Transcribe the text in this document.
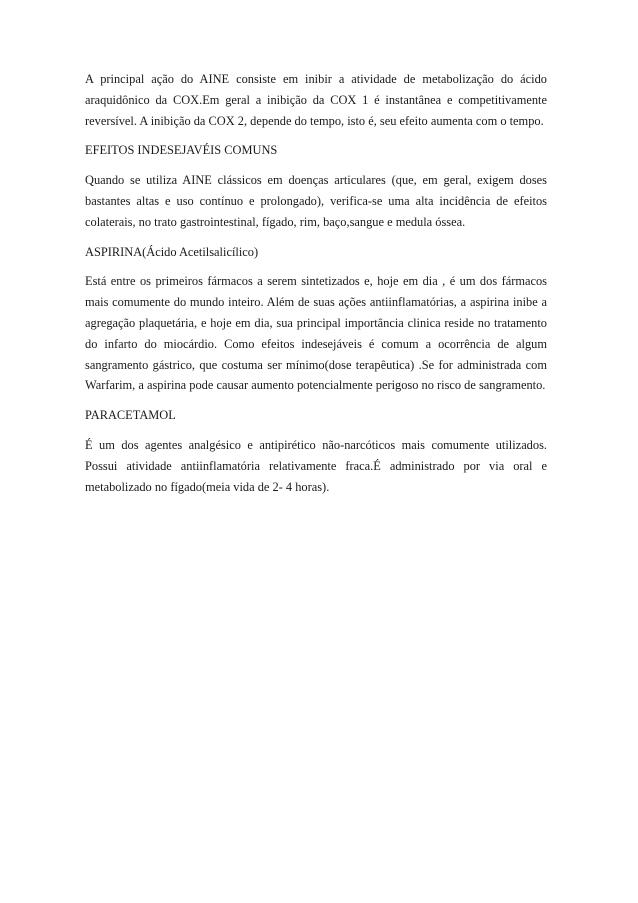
A principal ação do AINE consiste em inibir a atividade de metabolização do ácido araquidônico da COX.Em geral a inibição da COX 1 é instantânea e competitivamente reversível. A inibição da COX 2, depende do tempo, isto é, seu efeito aumenta com o tempo.

EFEITOS INDESEJAVÉIS COMUNS

Quando se utiliza AINE clássicos em doenças articulares (que, em geral, exigem doses bastantes altas e uso contínuo e prolongado), verifica-se uma alta incidência de efeitos colaterais, no trato gastrointestinal, fígado, rim, baço,sangue e medula óssea.

ASPIRINA(Ácido Acetilsalicílico)

Está entre os primeiros fármacos a serem sintetizados e, hoje em dia , é um dos fármacos mais comumente do mundo inteiro. Além de suas ações antiinflamatórias, a aspirina inibe a agregação plaquetária, e hoje em dia, sua principal importância clinica reside no tratamento do infarto do miocárdio. Como efeitos indesejáveis é comum a ocorrência de algum sangramento gástrico, que costuma ser mínimo(dose terapêutica) .Se for administrada com Warfarim, a aspirina pode causar aumento potencialmente perigoso no risco de sangramento.

PARACETAMOL

É um dos agentes analgésico e antipirético não-narcóticos mais comumente utilizados. Possui atividade antiinflamatória relativamente fraca.É administrado por via oral e metabolizado no fígado(meia vida de 2- 4 horas).
